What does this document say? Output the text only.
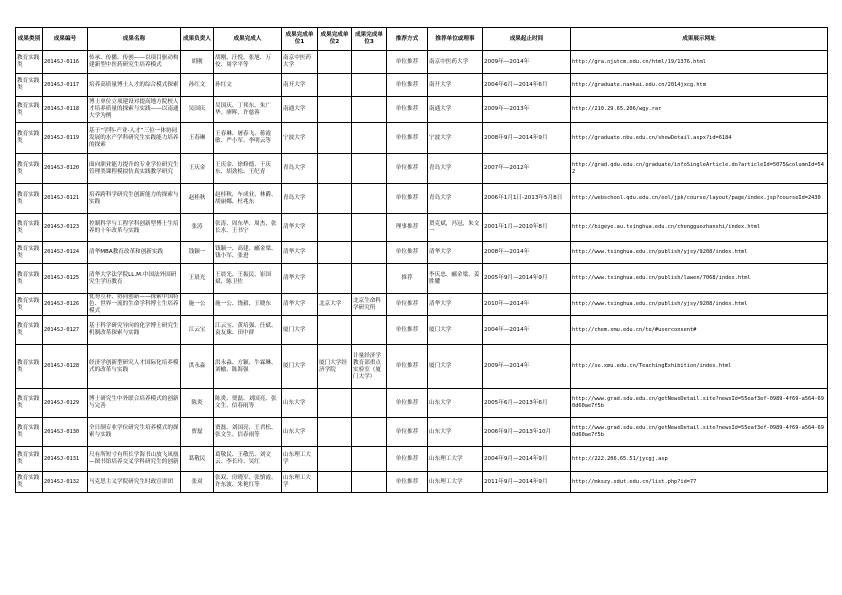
成果类别	成果编号	成果名称	成果负责人	成果完成人	成果完成单位1	成果完成单位2	成果完成单位3	推荐方式	推荐单位或理事	成果起止时间	成果展示网址
教育实践类	2014SJ-0116	传承、传播、传创——以项目驱动构建新型中医药研究生培养模式	胡刚	胡刚、汪悦、张旭、万佼、周学平等	南京中医药大学			单位推荐	南京中医药大学	2009年—2014年	http://gra.njutcm.edu.cn/html/19/1376.html
教育实践类	2014SJ-0117	培养高质量博士人才的综合模式探索	孙红文	孙红文	南开大学			单位推荐	南开大学	2004年6月—2014年6月	http://graduate.nankai.edu.cn/2014jxcg.htm
教育实践类	2014SJ-0118	博士单位立项建设对提高地方院校人才培养质量的探索与实践——以南通大学为例	吴国庆	吴国庆、丁邦东、朱广华、廖晖、许慈蓉	南通大学			单位推荐	南通大学	2009年—2013年	http://210.29.65.206/wgy.rar
教育实践类	2014SJ-0119	基于“学科-产业-人才”三位一体协同发展的水产学科研究生实践能力培养的探索	王春琳	王春琳、屠春飞、蒋霞敏、严小军、李明云等	宁波大学			单位推荐	宁波大学	2008年9月—2014年9月	http://graduate.nbu.edu.cn/showDetail.aspx?id=6184
教育实践类	2014SJ-0120	面向职业能力提升的专业学位研究生管理类课程模拟仿真实践教学研究	王庆金	王庆金、徐修德、于庆东、胡劲松、王纪青	青岛大学			单位推荐	青岛大学	2007年—2012年	http://grad.qdu.edu.cn/graduate/infoSingleArticle.do?articleId=5075&columnId=542
教育实践类	2014SJ-0121	培养跨科学研究生创新能力的探索与实践	赵桂秋	赵桂秋、车成业、林爵、胡丽娜、杜兆东	青岛大学			单位推荐	青岛大学	2006年1月1日-2013年5月8日	http://webschool.qdu.edu.cn/eol/jpk/course/layout/page/index.jsp?courseId=2430
教育实践类	2014SJ-0123	控制科学与工程学科创新型博士生培养的十年改革与实践	张涛	张涛、周东华、周杰、张长水、王书宁	清华大学			理事推荐	贺克斌，冯冠，朱文一	2001年1月—2010年8月	http://bigeye.au.tsinghua.edu.cn/chengguozhanshi/index.html
教育实践类	2014SJ-0124	清华MBA教育改革和创新实践	钱颖一	钱颖一、高建、郦金梁、钱小军、张进	清华大学			单位推荐	清华大学	2008年—2014年	http://www.tsinghua.edu.cn/publish/yjsy/9208/index.html
教育实践类	2014SJ-0125	清华大学法学院LL.M.中国法外国研究生学历教育	王晨光	王晨光、王振民、崔国斌、陈卫佐	清华大学			推荐	李庆忠、郦金梁、姜胜耀	2005年9月—2014年9月	http://www.tsinghua.edu.cn/publish/lawen/7068/index.html
教育实践类	2014SJ-0126	优势互补、协同创新——探索中国特色、世界一流的生命学科博士生培养模式	施一公	施一公、饶毅、王晓东	清华大学	北京大学	北京生命科学研究所	单位推荐	清华大学	2010年—2014年	http://www.tsinghua.edu.cn/publish/yjsy/9208/index.html
教育实践类	2014SJ-0127	基于科学研究导向的化学博士研究生机制改革探索与实践	江云宝	江云宝、黄培强、任斌、袁友珠、田中群	厦门大学			单位推荐	厦门大学	2004年—2014年	http://chem.xmu.edu.cn/te/#userconsent#
教育实践类	2014SJ-0128	经济学创新型研究人才国际化培养模式的改革与实践	洪永淼	洪永淼、方颖、牛霖琳、刘榆、陈海强	厦门大学	厦门大学经济学院	计量经济学教育部重点实验室（厦门大学）	单位推荐	厦门大学	2009年—2014年	http://se.xmu.edu.cn/TeachingExhibition/index.html
教育实践类	2014SJ-0129	博士研究生中外联合培养模式的创新与完善	陈炎	陈炎、贾磊、刘国亮、张文生、信春雨等	山东大学			单位推荐	山东大学	2005年6月—2013年6月	http://www.grad.sdu.edu.cn/getNewsDetail.site?newsId=55eaf3ef-0989-4f69-a564-690d60ae7f5b
教育实践类	2014SJ-0130	全日制专业学位研究生培养模式的探索与实践	贾磊	贾磊、刘国亮、王君松、张文生、信春雨等	山东大学			单位推荐	山东大学	2006年9月—2013年10月	http://www.grad.sdu.edu.cn/getNewsDetail.site?newsId=55eaf3ef-0989-4f69-a564-690d60ae7f5b
教育实践类	2014SJ-0131	尺有所短寸有所长学海书山放飞凤凰—图书馆培养交叉学科研究生的创新	葛敬民	葛敬民、王敬岳、刘文云、李长玲、吴红	山东理工大学			单位推荐	山东理工大学	2004年9月—2014年9月	http://222.206.65.51/jycgj.asp
教育实践类	2014SJ-0132	马克思主义学院研究生时政宣讲团	张双	张双、房晓军、张慎霞、许东波、朱艳红等	山东理工大学			单位推荐	山东理工大学	2011年9月—2014年9月	http://mkszy.sdut.edu.cn/list.php?id=77
